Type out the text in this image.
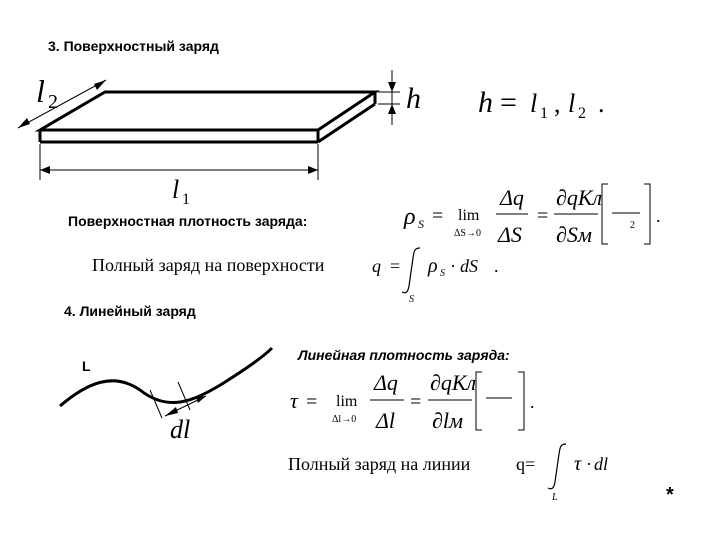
3. Поверхностный заряд
l 2	h
l 1
h = l 1 , l 2 .
ρ S = lim
ΔS→0
Δq
ΔS
=
∂qКл
∂Sм	2 .
q =
S
ρ S · dS .
dl
τ = lim
Δl→0
Δq
Δl
=
∂qКл
∂lм
.
Полный заряд на линии	q=
L
τ · dl
Поверхностная плотность заряда:
Полный заряд на поверхности
4. Линейный заряд
L
Линейная плотность заряда:
*
